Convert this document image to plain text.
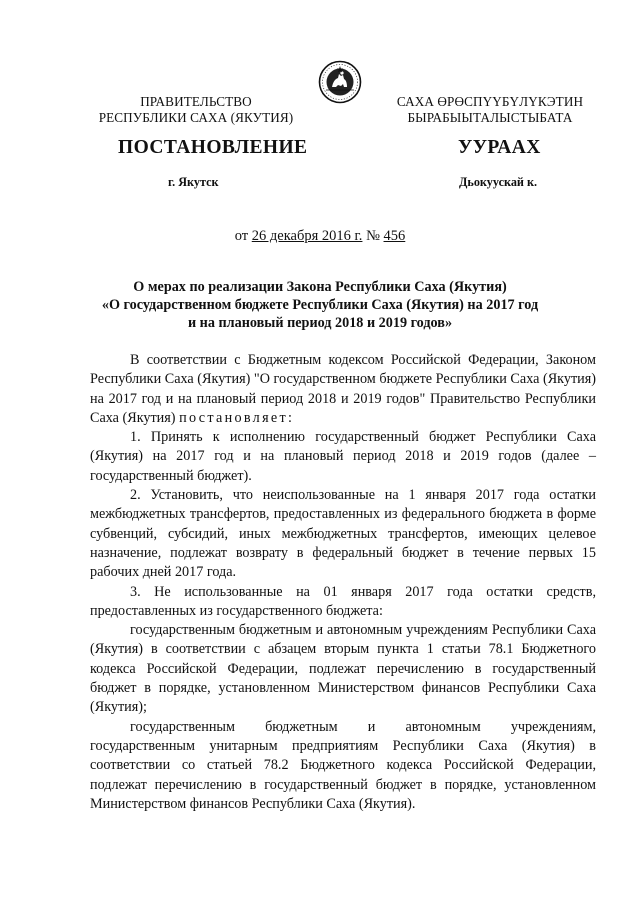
ПРАВИТЕЛЬСТВО
РЕСПУБЛИКИ САХА (ЯКУТИЯ)
САХА ӨРӨСПҮҮБҮЛҮКЭТИН
БЫРАБЫЫТАЛЫСТЫБАТА
ПОСТАНОВЛЕНИЕ	УУРААХ
г. Якутск	Дьокуускай к.
от 26 декабря 2016 г. № 456
О мерах по реализации Закона Республики Саха (Якутия)
«О государственном бюджете Республики Саха (Якутия) на 2017 год
и на плановый период 2018 и 2019 годов»

В соответствии с Бюджетным кодексом Российской Федерации, Законом Республики Саха (Якутия) "О государственном бюджете Республики Саха (Якутия) на 2017 год и на плановый период 2018 и 2019 годов" Правительство Республики Саха (Якутия) постановляет:

1. Принять к исполнению государственный бюджет Республики Саха (Якутия) на 2017 год и на плановый период 2018 и 2019 годов (далее – государственный бюджет).

2. Установить, что неиспользованные на 1 января 2017 года остатки межбюджетных трансфертов, предоставленных из федерального бюджета в форме субвенций, субсидий, иных межбюджетных трансфертов, имеющих целевое назначение, подлежат возврату в федеральный бюджет в течение первых 15 рабочих дней 2017 года.

3. Не использованные на 01 января 2017 года остатки средств, предоставленных из государственного бюджета:

государственным бюджетным и автономным учреждениям Республики Саха (Якутия) в соответствии с абзацем вторым пункта 1 статьи 78.1 Бюджетного кодекса Российской Федерации, подлежат перечислению в государственный бюджет в порядке, установленном Министерством финансов Республики Саха (Якутия);

государственным бюджетным и автономным учреждениям, государственным унитарным предприятиям Республики Саха (Якутия) в соответствии со статьей 78.2 Бюджетного кодекса Российской Федерации, подлежат перечислению в государственный бюджет в порядке, установленном Министерством финансов Республики Саха (Якутия).
